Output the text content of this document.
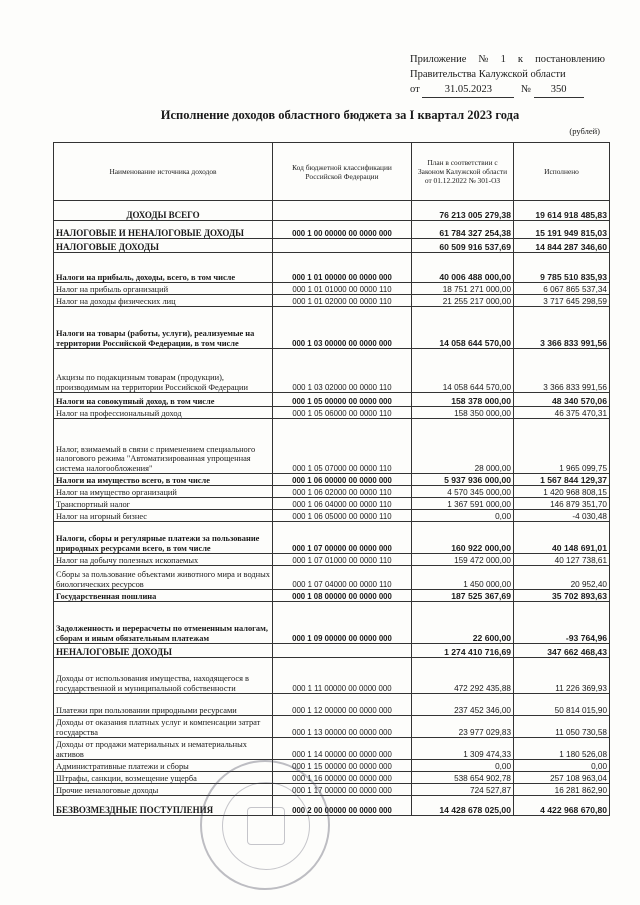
Приложение № 1 к постановлению
Правительства Калужской области
от 31.05.2023	№ 350
Исполнение доходов областного бюджета за I квартал 2023 года
(рублей)
Наименование источника доходов	Код бюджетной классификации Российской Федерации	План в соответствии с Законом Калужской области от 01.12.2022 № 301-ОЗ	Исполнено
ДОХОДЫ ВСЕГО		76 213 005 279,38	19 614 918 485,83
НАЛОГОВЫЕ И НЕНАЛОГОВЫЕ ДОХОДЫ	000 1 00 00000 00 0000 000	61 784 327 254,38	15 191 949 815,03
НАЛОГОВЫЕ ДОХОДЫ		60 509 916 537,69	14 844 287 346,60
Налоги на прибыль, доходы, всего, в том числе	000 1 01 00000 00 0000 000	40 006 488 000,00	9 785 510 835,93
Налог на прибыль организаций	000 1 01 01000 00 0000 110	18 751 271 000,00	6 067 865 537,34
Налог на доходы физических лиц	000 1 01 02000 00 0000 110	21 255 217 000,00	3 717 645 298,59
Налоги на товары (работы, услуги), реализуемые на территории Российской Федерации, в том числе	000 1 03 00000 00 0000 000	14 058 644 570,00	3 366 833 991,56
Акцизы по подакцизным товарам (продукции), производимым на территории Российской Федерации	000 1 03 02000 00 0000 110	14 058 644 570,00	3 366 833 991,56
Налоги на совокупный доход, в том числе	000 1 05 00000 00 0000 000	158 378 000,00	48 340 570,06
Налог на профессиональный доход	000 1 05 06000 00 0000 110	158 350 000,00	46 375 470,31
Налог, взимаемый в связи с применением специального налогового режима "Автоматизированная упрощенная система налогообложения"	000 1 05 07000 00 0000 110	28 000,00	1 965 099,75
Налоги на имущество всего, в том числе	000 1 06 00000 00 0000 000	5 937 936 000,00	1 567 844 129,37
Налог на имущество организаций	000 1 06 02000 00 0000 110	4 570 345 000,00	1 420 968 808,15
Транспортный налог	000 1 06 04000 00 0000 110	1 367 591 000,00	146 879 351,70
Налог на игорный бизнес	000 1 06 05000 00 0000 110	0,00	-4 030,48
Налоги, сборы и регулярные платежи за пользование природных ресурсами всего, в том числе	000 1 07 00000 00 0000 000	160 922 000,00	40 148 691,01
Налог на добычу полезных ископаемых	000 1 07 01000 00 0000 110	159 472 000,00	40 127 738,61
Сборы за пользование объектами животного мира и водных биологических ресурсов	000 1 07 04000 00 0000 110	1 450 000,00	20 952,40
Государственная пошлина	000 1 08 00000 00 0000 000	187 525 367,69	35 702 893,63
Задолженность и перерасчеты по отмененным налогам, сборам и иным обязательным платежам	000 1 09 00000 00 0000 000	22 600,00	-93 764,96
НЕНАЛОГОВЫЕ ДОХОДЫ		1 274 410 716,69	347 662 468,43
Доходы от использования имущества, находящегося в государственной и муниципальной собственности	000 1 11 00000 00 0000 000	472 292 435,88	11 226 369,93
Платежи при пользовании природными ресурсами	000 1 12 00000 00 0000 000	237 452 346,00	50 814 015,90
Доходы от оказания платных услуг и компенсации затрат государства	000 1 13 00000 00 0000 000	23 977 029,83	11 050 730,58
Доходы от продажи материальных и нематериальных активов	000 1 14 00000 00 0000 000	1 309 474,33	1 180 526,08
Административные платежи и сборы	000 1 15 00000 00 0000 000	0,00	0,00
Штрафы, санкции, возмещение ущерба	000 1 16 00000 00 0000 000	538 654 902,78	257 108 963,04
Прочие неналоговые доходы	000 1 17 00000 00 0000 000	724 527,87	16 281 862,90
БЕЗВОЗМЕЗДНЫЕ ПОСТУПЛЕНИЯ	000 2 00 00000 00 0000 000	14 428 678 025,00	4 422 968 670,80
